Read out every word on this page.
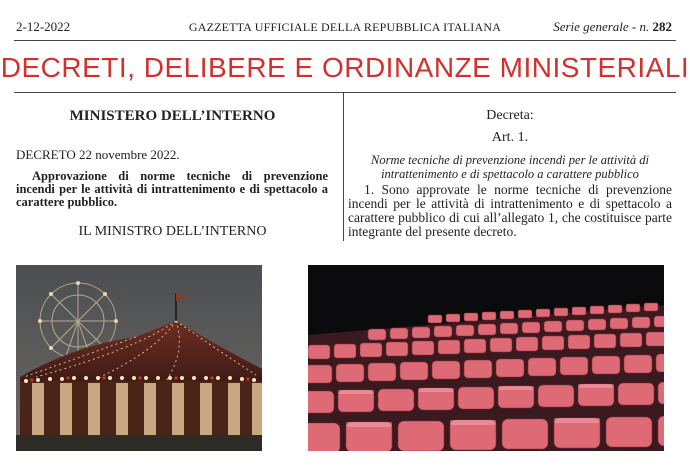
2-12-2022	GAZZETTA UFFICIALE DELLA REPUBBLICA ITALIANA	Serie generale - n. 282
DECRETI, DELIBERE E ORDINANZE MINISTERIALI
MINISTERO DELL’INTERNO
DECRETO 22 novembre 2022.
Approvazione di norme tecniche di prevenzione incendi per le attività di intrattenimento e di spettacolo a carattere pubblico.
IL MINISTRO DELL’INTERNO
Decreta:
Art. 1.
Norme tecniche di prevenzione incendi per le attività di intrattenimento e di spettacolo a carattere pubblico
1. Sono approvate le norme tecniche di prevenzione incendi per le attività di intrattenimento e di spettacolo a carattere pubblico di cui all’allegato 1, che costituisce parte integrante del presente decreto.
